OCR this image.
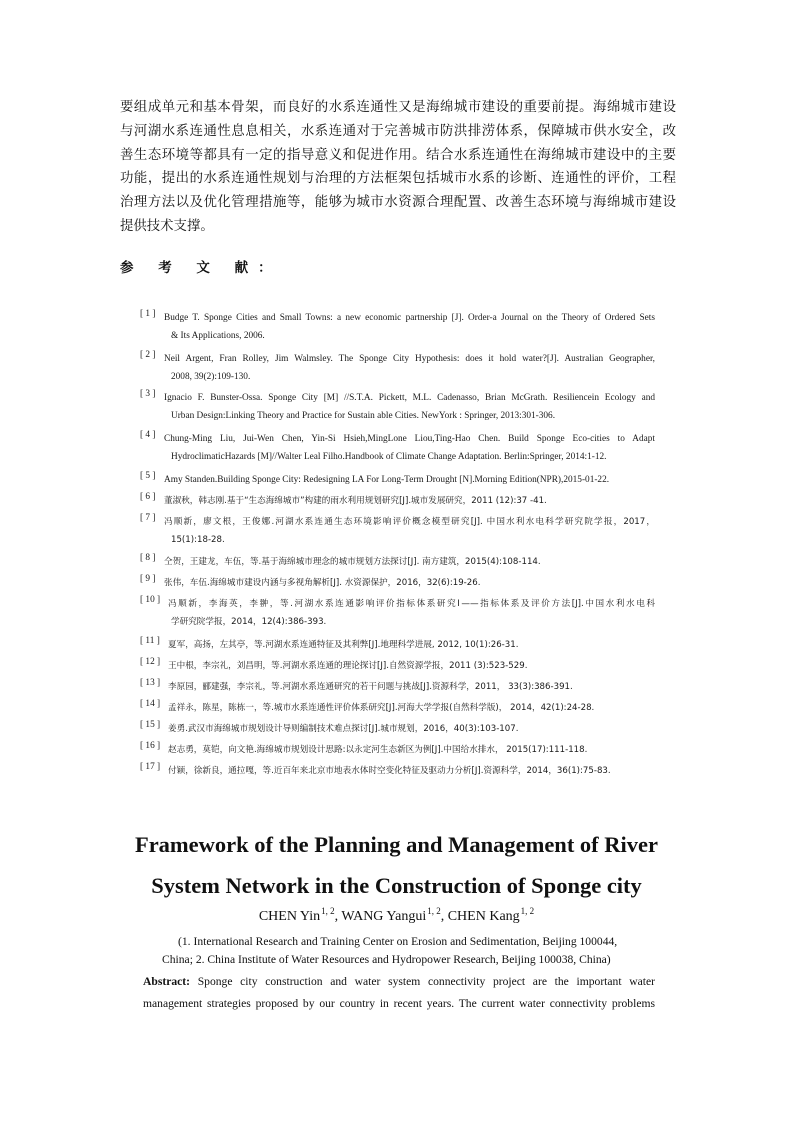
要组成单元和基本骨架，而良好的水系连通性又是海绵城市建设的重要前提。海绵城市建设
与河湖水系连通性息息相关，水系连通对于完善城市防洪排涝体系，保障城市供水安全，改
善生态环境等都具有一定的指导意义和促进作用。结合水系连通性在海绵城市建设中的主要
功能，提出的水系连通性规划与治理的方法框架包括城市水系的诊断、连通性的评价，工程
治理方法以及优化管理措施等，能够为城市水资源合理配置、改善生态环境与海绵城市建设
提供技术支撑。
参 考 文 献：
[ 1 ] Budge T. Sponge Cities and Small Towns: a new economic partnership [J]. Order-a Journal on the Theory of Ordered Sets
& Its Applications, 2006.
[ 2 ] Neil Argent, Fran Rolley, Jim Walmsley. The Sponge City Hypothesis: does it hold water?[J]. Australian Geographer,
2008, 39(2):109-130.
[ 3 ] Ignacio F. Bunster-Ossa. Sponge City [M] //S.T.A. Pickett, M.L. Cadenasso, Brian McGrath. Resiliencein Ecology and
Urban Design:Linking Theory and Practice for Sustain able Cities. NewYork : Springer, 2013:301-306.
[ 4 ] Chung-Ming Liu, Jui-Wen Chen, Yin-Si Hsieh,MingLone Liou,Ting-Hao Chen. Build Sponge Eco-cities to Adapt
HydroclimaticHazards [M]//Walter Leal Filho.Handbook of Climate Change Adaptation. Berlin:Springer, 2014:1-12.
[ 5 ] Amy Standen.Building Sponge City: Redesigning LA For Long-Term Drought [N].Morning Edition(NPR),2015-01-22.
[ 6 ] 董淑秋，韩志刚.基于“生态海绵城市”构建的雨水利用规划研究[J].城市发展研究，2011 (12):37 -41.
[ 7 ] 冯顺新，廖文根，王俊娜.河湖水系连通生态环境影响评价概念模型研究[J]. 中国水利水电科学研究院学报，2017，
15(1):18-28.
[ 8 ] 仝贺，王建龙，车伍，等.基于海绵城市理念的城市规划方法探讨[J]. 南方建筑，2015(4):108-114.
[ 9 ] 张伟，车伍.海绵城市建设内涵与多视角解析[J]. 水资源保护，2016，32(6):19-26.
[ 10 ] 冯顺新，李海英，李翀，等.河湖水系连通影响评价指标体系研究Ⅰ——指标体系及评价方法[J].中国水利水电科
学研究院学报，2014，12(4):386-393.
[ 11 ] 夏军，高扬，左其亭，等.河湖水系连通特征及其利弊[J].地理科学进展, 2012, 10(1):26-31.
[ 12 ] 王中根，李宗礼，刘昌明，等.河湖水系连通的理论探讨[J].自然资源学报，2011 (3):523-529.
[ 13 ] 李原园，郦建强，李宗礼，等.河湖水系连通研究的若干问题与挑战[J].资源科学，2011， 33(3):386-391.
[ 14 ] 孟祥永，陈星，陈栋一，等.城市水系连通性评价体系研究[J].河海大学学报(自然科学版)， 2014，42(1):24-28.
[ 15 ] 姜勇.武汉市海绵城市规划设计导则编制技术难点探讨[J].城市规划，2016，40(3):103-107.
[ 16 ] 赵志勇，莫铠，向文艳.海绵城市规划设计思路:以永定河生态新区为例[J].中国给水排水， 2015(17):111-118.
[ 17 ] 付颖，徐新良，通拉嘎，等.近百年来北京市地表水体时空变化特征及驱动力分析[J].资源科学，2014，36(1):75-83.
Framework of the Planning and Management of River
System Network in the Construction of Sponge city
CHEN Yin$^{1, 2}$, WANG Yangui$^{1, 2}$, CHEN Kang$^{1, 2}$
(1. International Research and Training Center on Erosion and Sedimentation, Beijing 100044,
China; 2. China Institute of Water Resources and Hydropower Research, Beijing 100038, China)
Abstract: Sponge city construction and water system connectivity project are the important water
management strategies proposed by our country in recent years. The current water connectivity problems
